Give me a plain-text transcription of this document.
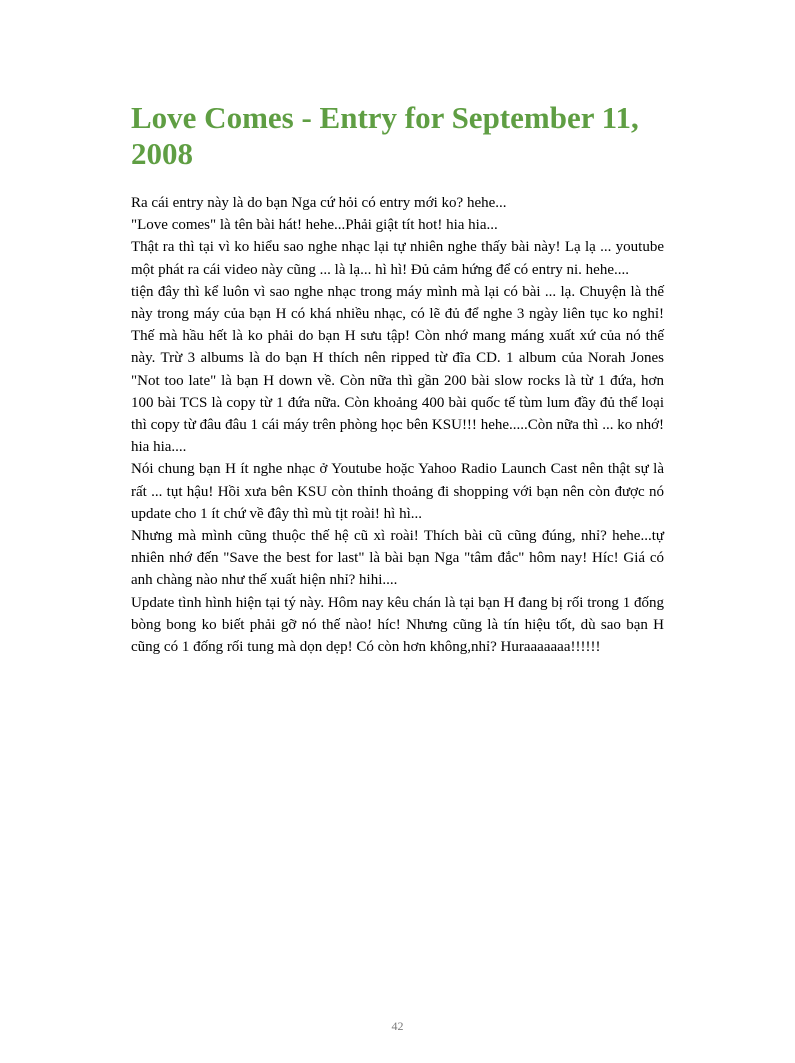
Love Comes - Entry for September 11, 2008

Ra cái entry này là do bạn Nga cứ hỏi có entry mới ko? hehe...

"Love comes" là tên bài hát! hehe...Phải giật tít hot! hia hia...

Thật ra thì tại vì ko hiểu sao nghe nhạc lại tự nhiên nghe thấy bài này! Lạ lạ ... youtube một phát ra cái video này cũng ... là lạ... hì hì! Đủ cảm hứng để có entry ni. hehe....

tiện đây thì kể luôn vì sao nghe nhạc trong máy mình mà lại có bài ... lạ. Chuyện là thế này trong máy của bạn H có khá nhiều nhạc, có lẽ đủ để nghe 3 ngày liên tục ko nghỉ! Thế mà hầu hết là ko phải do bạn H sưu tập! Còn nhớ mang máng xuất xứ của nó thế này. Trừ 3 albums là do bạn H thích nên ripped từ đĩa CD. 1 album của Norah Jones "Not too late" là bạn H down về. Còn nữa thì gần 200 bài slow rocks là từ 1 đứa, hơn 100 bài TCS là copy từ 1 đứa nữa. Còn khoảng 400 bài quốc tế tùm lum đầy đủ thể loại thì copy từ đâu đâu 1 cái máy trên phòng học bên KSU!!! hehe.....Còn nữa thì ... ko nhớ! hia hia....

Nói chung bạn H ít nghe nhạc ở Youtube hoặc Yahoo Radio Launch Cast nên thật sự là rất ... tụt hậu! Hồi xưa bên KSU còn thỉnh thoảng đi shopping với bạn nên còn được nó update cho 1 ít chứ về đây thì mù tịt roài! hì hì...

Nhưng mà mình cũng thuộc thế hệ cũ xì roài! Thích bài cũ cũng đúng, nhỉ? hehe...tự nhiên nhớ đến "Save the best for last" là bài bạn Nga "tâm đắc" hôm nay! Híc! Giá có anh chàng nào như thế xuất hiện nhỉ? hihi....

Update tình hình hiện tại tý này. Hôm nay kêu chán là tại bạn H đang bị rối trong 1 đống bòng bong ko biết phải gỡ nó thế nào! híc! Nhưng cũng là tín hiệu tốt, dù sao bạn H cũng có 1 đống rối tung mà dọn dẹp! Có còn hơn không,nhỉ? Huraaaaaaa!!!!!!

42
